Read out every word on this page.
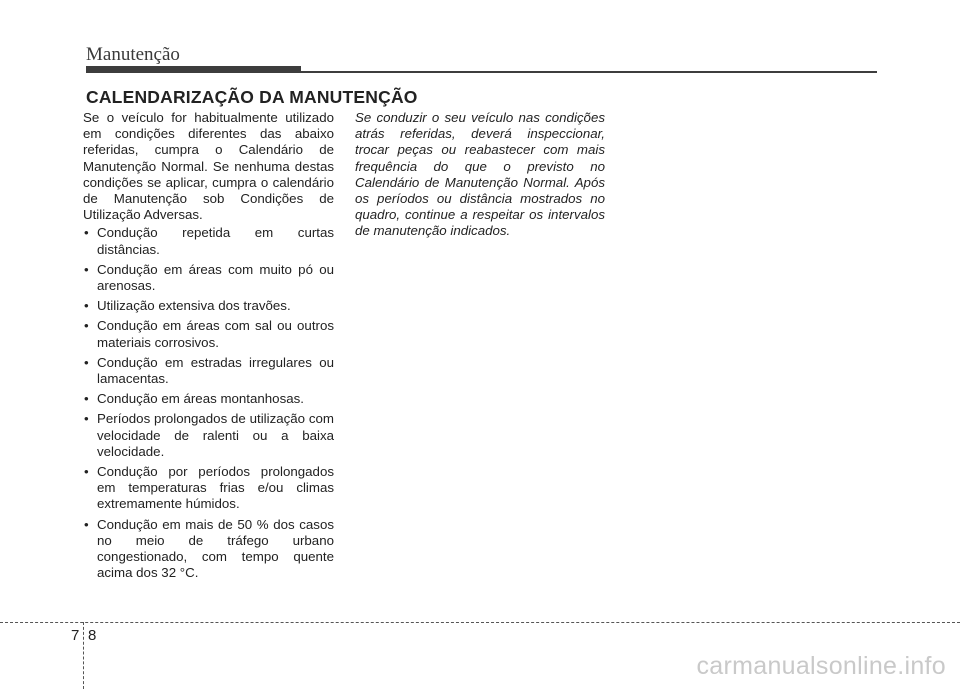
Manutenção
CALENDARIZAÇÃO DA MANUTENÇÃO

Se o veículo for habitualmente utilizado em condições diferentes das abaixo referidas, cumpra o Calendário de Manutenção Normal. Se nenhuma destas condições se aplicar, cumpra o calendário de Manutenção sob Condições de Utilização Adversas.

• Condução repetida em curtas distâncias.
• Condução em áreas com muito pó ou arenosas.
• Utilização extensiva dos travões.
• Condução em áreas com sal ou outros materiais corrosivos.
• Condução em estradas irregulares ou lamacentas.
• Condução em áreas montanhosas.
• Períodos prolongados de utilização com velocidade de ralenti ou a baixa velocidade.
• Condução por períodos prolongados em temperaturas frias e/ou climas extremamente húmidos.
• Condução em mais de 50 % dos casos no meio de tráfego urbano congestionado, com tempo quente acima dos 32 °C.

Se conduzir o seu veículo nas condições atrás referidas, deverá inspeccionar, trocar peças ou reabastecer com mais frequência do que o previsto no Calendário de Manutenção Normal. Após os períodos ou distância mostrados no quadro, continue a respeitar os intervalos de manutenção indicados.

7 8
carmanualsonline.info
